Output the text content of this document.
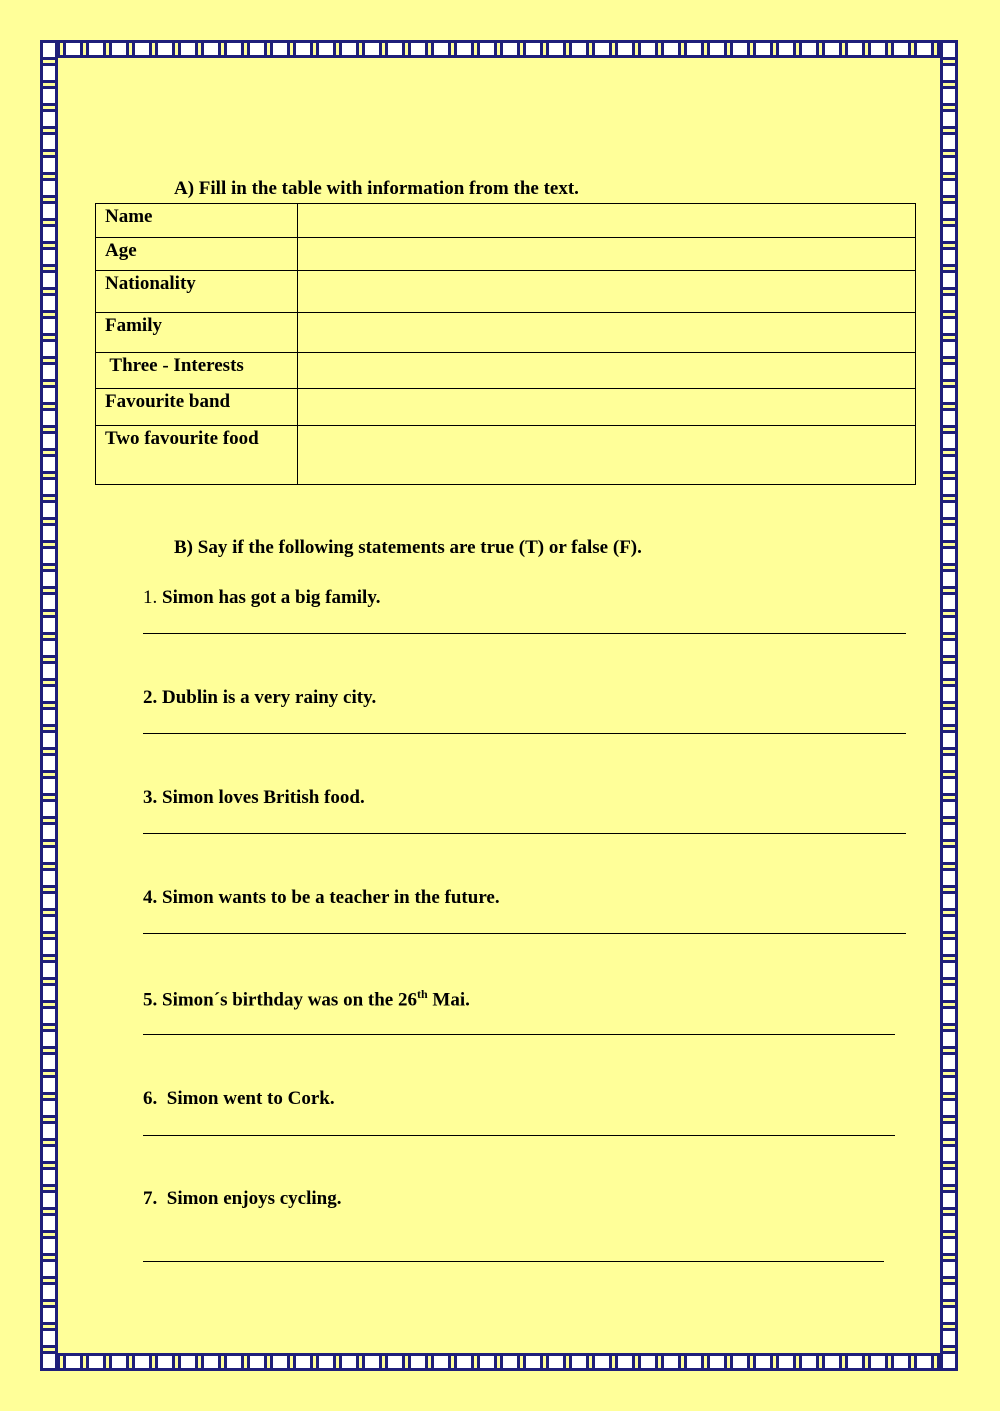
A) Fill in the table with information from the text.
Name	
Age	
Nationality	
Family	
Three - Interests	
Favourite band	
Two favourite food	
B) Say if the following statements are true (T) or false (F).
1. Simon has got a big family.
2. Dublin is a very rainy city.
3. Simon loves British food.
4. Simon wants to be a teacher in the future.
5. Simon´s birthday was on the 26th Mai.
6.  Simon went to Cork.
7.  Simon enjoys cycling.
